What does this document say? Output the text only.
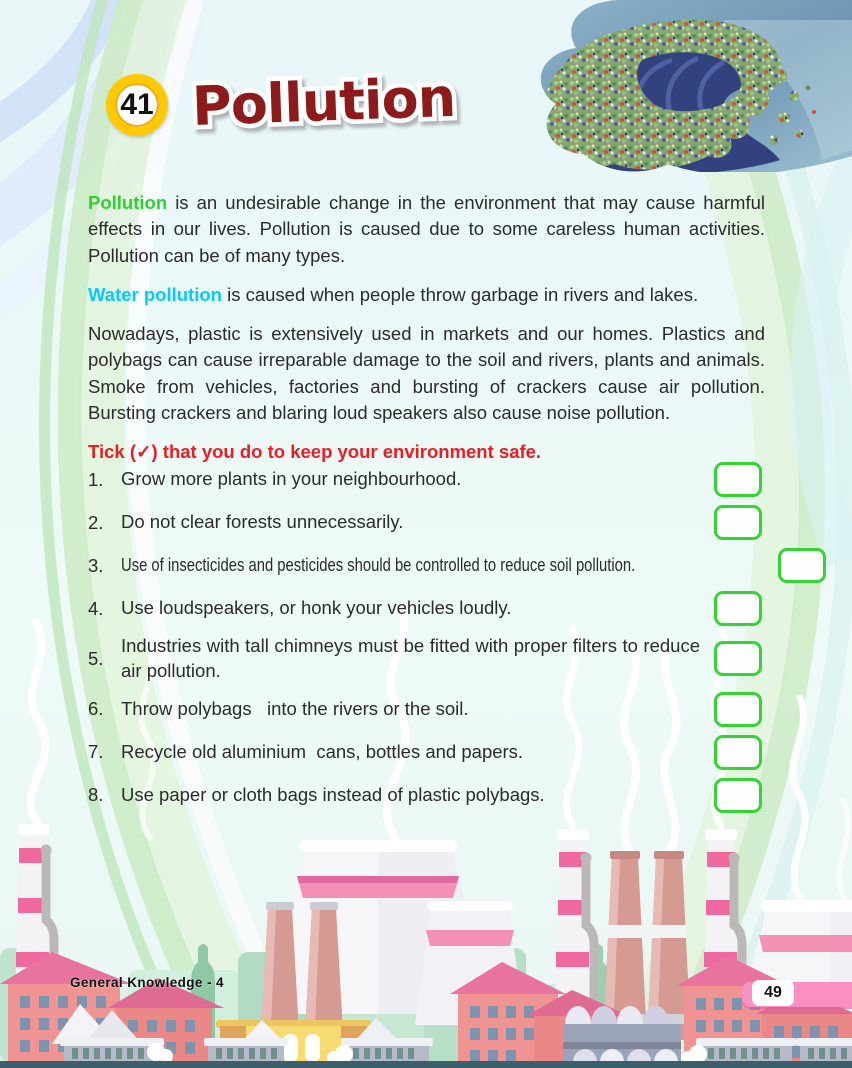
41 Pollution

Pollution is an undesirable change in the environment that may cause harmful effects in our lives. Pollution is caused due to some careless human activities. Pollution can be of many types.

Water pollution is caused when people throw garbage in rivers and lakes.

Nowadays, plastic is extensively used in markets and our homes. Plastics and polybags can cause irreparable damage to the soil and rivers, plants and animals. Smoke from vehicles, factories and bursting of crackers cause air pollution. Bursting crackers and blaring loud speakers also cause noise pollution.

Tick (✓) that you do to keep your environment safe.

1. Grow more plants in your neighbourhood.
2. Do not clear forests unnecessarily.
3. Use of insecticides and pesticides should be controlled to reduce soil pollution.
4. Use loudspeakers, or honk your vehicles loudly.
5.
Industries with tall chimneys must be fitted with proper filters to reduce air pollution.
6. Throw polybags   into the rivers or the soil.
7. Recycle old aluminium  cans, bottles and papers.
8. Use paper or cloth bags instead of plastic polybags.
General Knowledge - 4
49
